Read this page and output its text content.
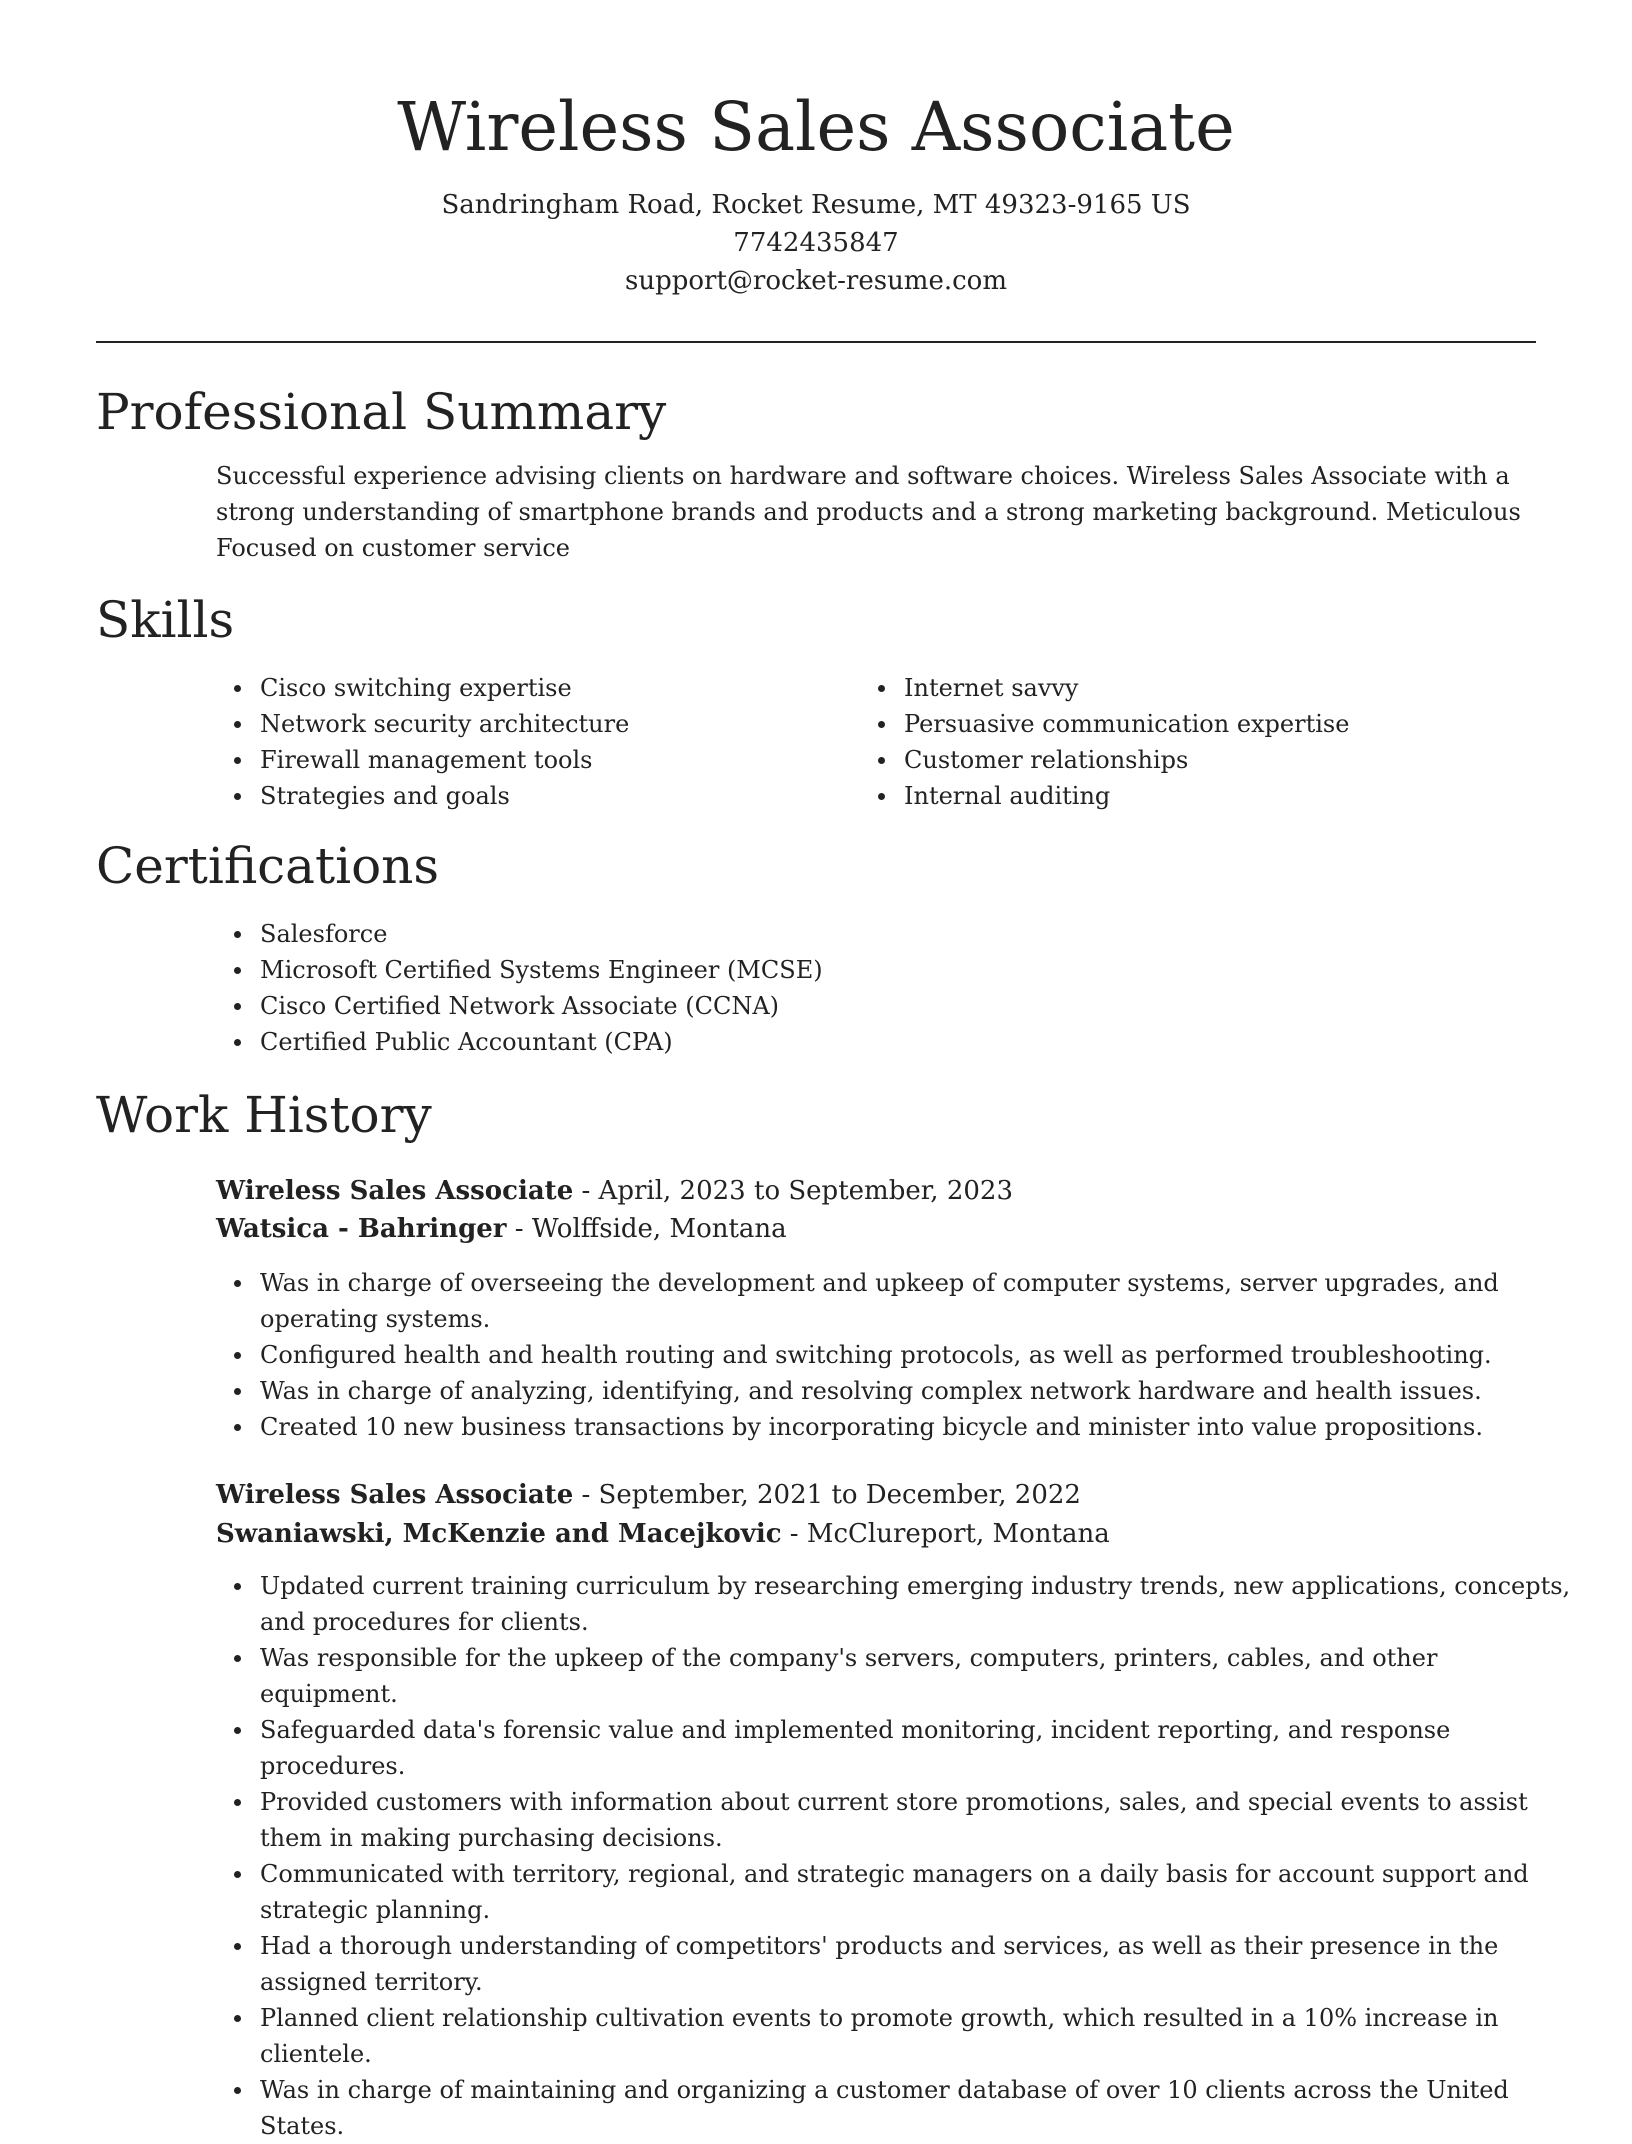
Wireless Sales Associate
Sandringham Road, Rocket Resume, MT 49323-9165 US
7742435847
support@rocket-resume.com
Professional Summary
Successful experience advising clients on hardware and software choices. Wireless Sales Associate with a strong understanding of smartphone brands and products and a strong marketing background. Meticulous Focused on customer service
Skills
Cisco switching expertise
Network security architecture
Firewall management tools
Strategies and goals
Internet savvy
Persuasive communication expertise
Customer relationships
Internal auditing
Certifications
Salesforce
Microsoft Certified Systems Engineer (MCSE)
Cisco Certified Network Associate (CCNA)
Certified Public Accountant (CPA)
Work History
Wireless Sales Associate - April, 2023 to September, 2023
Watsica - Bahringer - Wolffside, Montana
Was in charge of overseeing the development and upkeep of computer systems, server upgrades, and operating systems.
Configured health and health routing and switching protocols, as well as performed troubleshooting.
Was in charge of analyzing, identifying, and resolving complex network hardware and health issues.
Created 10 new business transactions by incorporating bicycle and minister into value propositions.
Wireless Sales Associate - September, 2021 to December, 2022
Swaniawski, McKenzie and Macejkovic - McClureport, Montana
Updated current training curriculum by researching emerging industry trends, new applications, concepts, and procedures for clients.
Was responsible for the upkeep of the company's servers, computers, printers, cables, and other equipment.
Safeguarded data's forensic value and implemented monitoring, incident reporting, and response procedures.
Provided customers with information about current store promotions, sales, and special events to assist them in making purchasing decisions.
Communicated with territory, regional, and strategic managers on a daily basis for account support and strategic planning.
Had a thorough understanding of competitors' products and services, as well as their presence in the assigned territory.
Planned client relationship cultivation events to promote growth, which resulted in a 10% increase in clientele.
Was in charge of maintaining and organizing a customer database of over 10 clients across the United States.
